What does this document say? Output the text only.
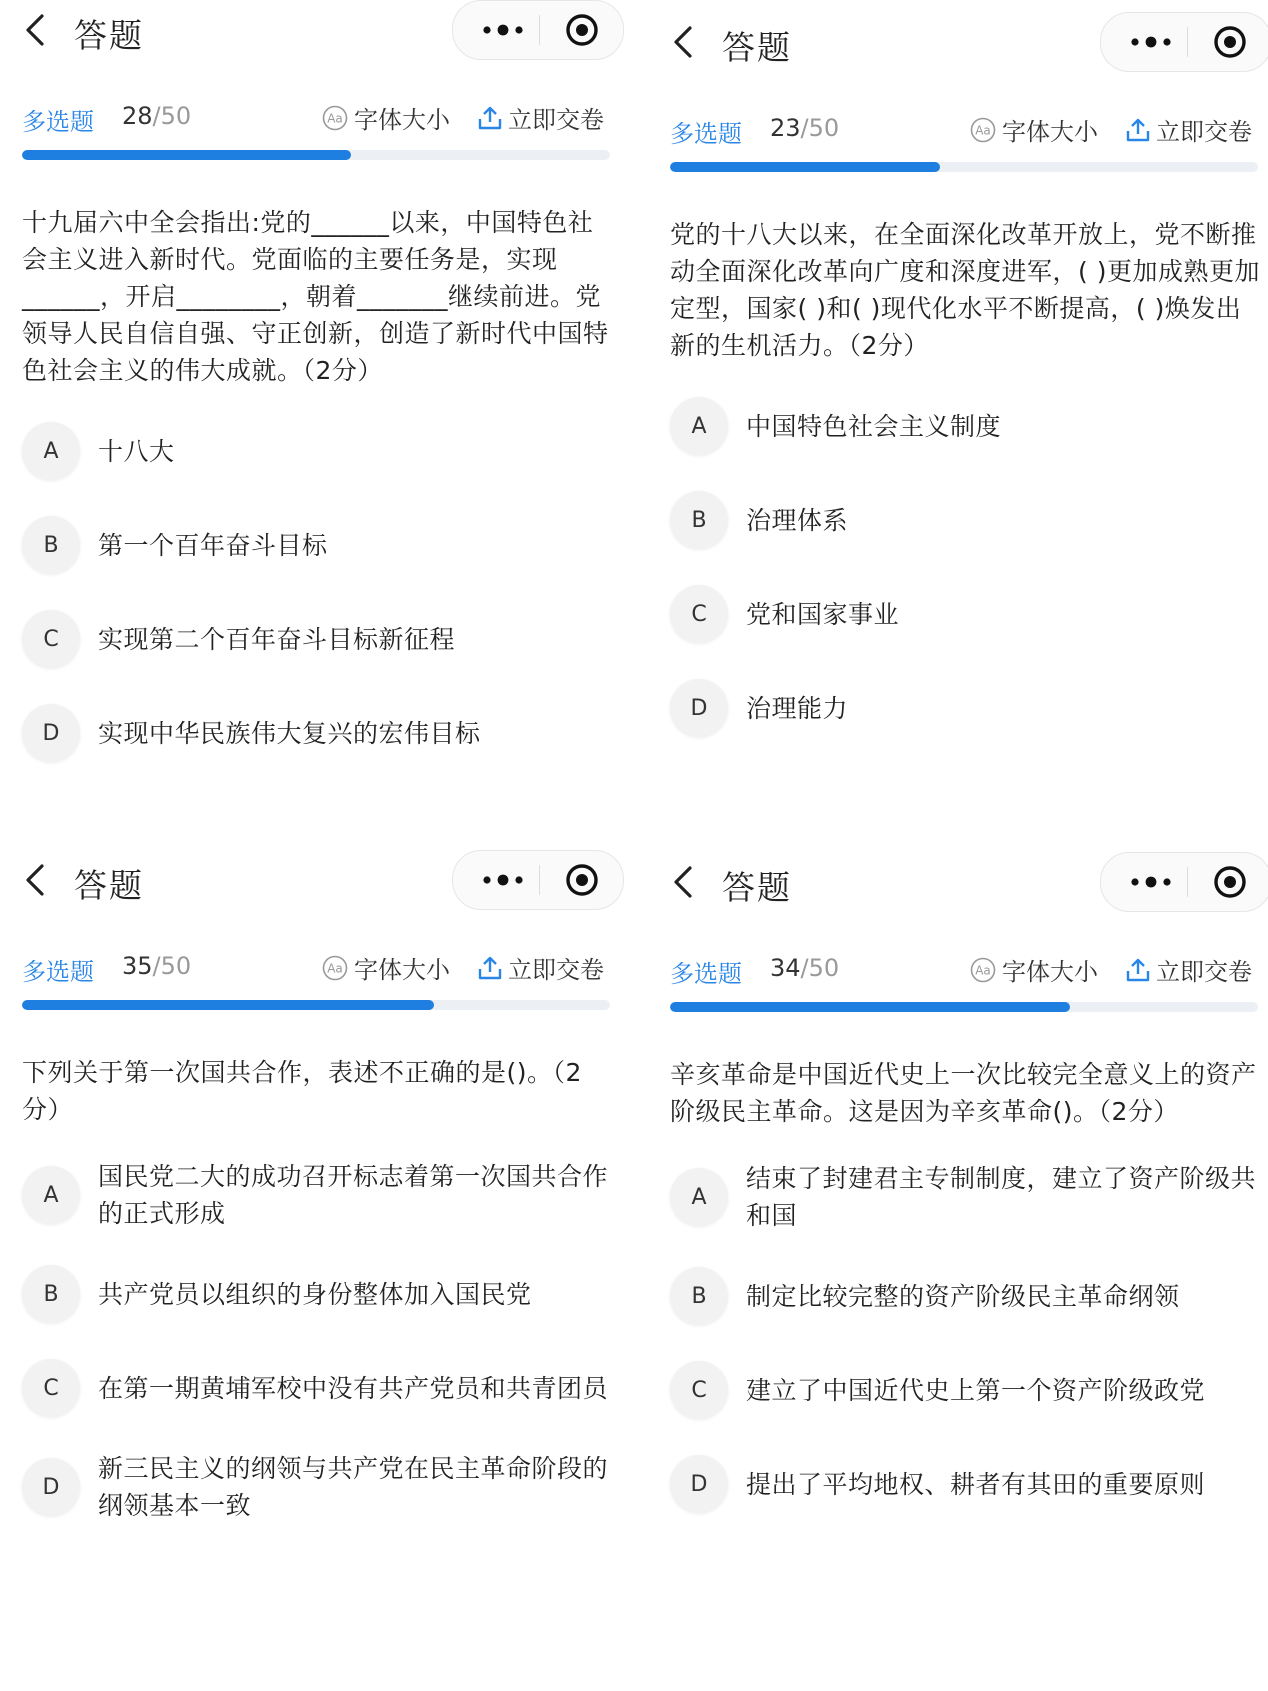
答题
多选题 28/50	Aa 字体大小	立即交卷
十九届六中全会指出:党的______以来，中国特色社会主义进入新时代。党面临的主要任务是，实现______，开启________，朝着_______继续前进。党领导人民自信自强、守正创新，创造了新时代中国特色社会主义的伟大成就。（2分）
A	十八大
B	第一个百年奋斗目标
C	实现第二个百年奋斗目标新征程
D	实现中华民族伟大复兴的宏伟目标
答题
多选题 23/50	Aa 字体大小	立即交卷
党的十八大以来，在全面深化改革开放上，党不断推动全面深化改革向广度和深度进军，( )更加成熟更加定型，国家( )和( )现代化水平不断提高，( )焕发出新的生机活力。（2分）
A	中国特色社会主义制度
B	治理体系
C	党和国家事业
D	治理能力
答题
多选题 35/50	Aa 字体大小	立即交卷
下列关于第一次国共合作，表述不正确的是()。（2分）
A
国民党二大的成功召开标志着第一次国共合作的正式形成
B	共产党员以组织的身份整体加入国民党
C	在第一期黄埔军校中没有共产党员和共青团员
D
新三民主义的纲领与共产党在民主革命阶段的纲领基本一致
答题
多选题 34/50	Aa 字体大小	立即交卷
辛亥革命是中国近代史上一次比较完全意义上的资产阶级民主革命。这是因为辛亥革命()。（2分）
A
结束了封建君主专制制度，建立了资产阶级共和国
B	制定比较完整的资产阶级民主革命纲领
C	建立了中国近代史上第一个资产阶级政党
D	提出了平均地权、耕者有其田的重要原则
